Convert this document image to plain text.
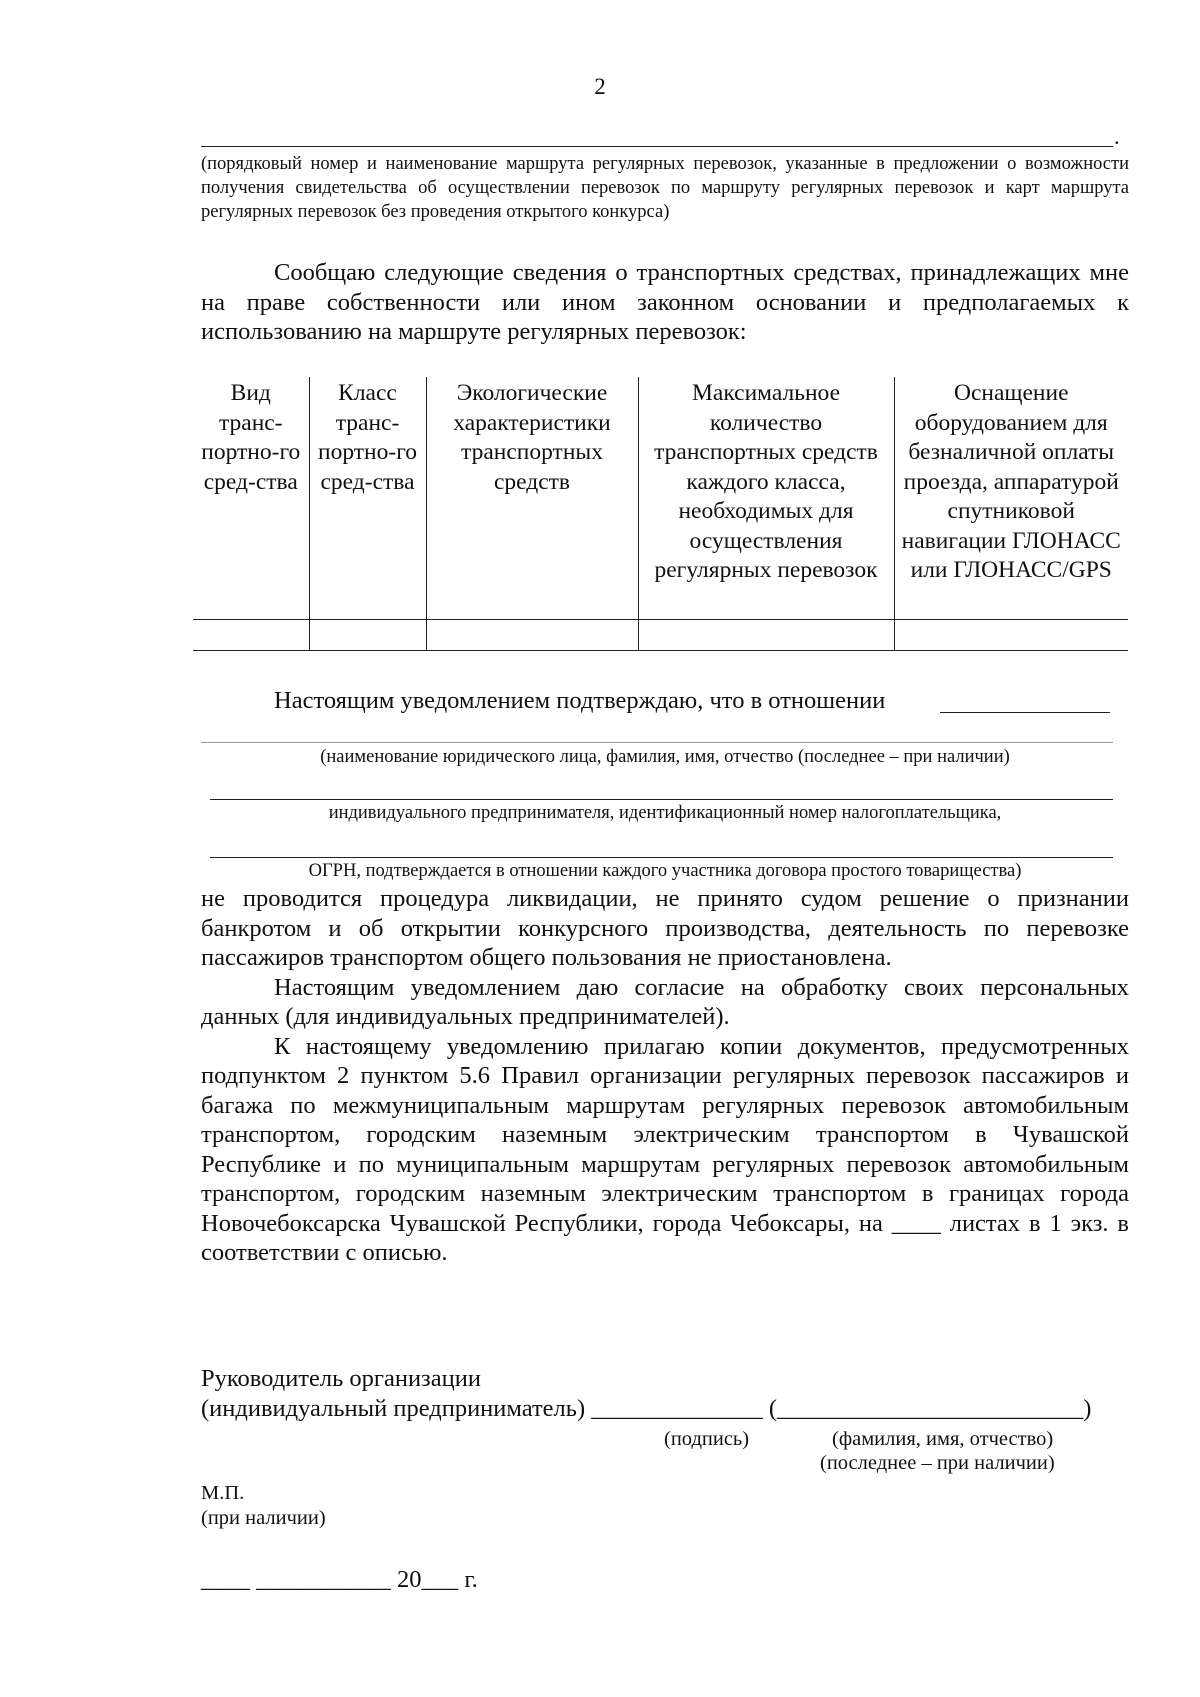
2
.
(порядковый номер и наименование маршрута регулярных перевозок, указанные в предложении о возможности получения свидетельства об осуществлении перевозок по маршруту регулярных перевозок и карт маршрута регулярных перевозок без проведения открытого конкурса)

Сообщаю следующие сведения о транспортных средствах, принадлежащих мне на праве собственности или ином законном основании и предполагаемых к использованию на маршруте регулярных перевозок:

Вид транс-портно-го сред-ства	Класс транс-портно-го сред-ства	Экологические характеристики транспортных средств	Максимальное количество транспортных средств каждого класса, необходимых для осуществления регулярных перевозок	Оснащение оборудованием для безналичной оплаты проезда, аппаратурой спутниковой навигации ГЛОНАСС или ГЛОНАСС/GPS

Настоящим уведомлением подтверждаю, что в отношении
(наименование юридического лица, фамилия, имя, отчество (последнее – при наличии)
индивидуального предпринимателя, идентификационный номер налогоплательщика,
ОГРН, подтверждается в отношении каждого участника договора простого товарищества)

не проводится процедура ликвидации, не принято судом решение о признании банкротом и об открытии конкурсного производства, деятельность по перевозке пассажиров транспортом общего пользования не приостановлена.

Настоящим уведомлением даю согласие на обработку своих персональных данных (для индивидуальных предпринимателей).

К настоящему уведомлению прилагаю копии документов, предусмотренных подпунктом 2 пунктом 5.6 Правил организации регулярных перевозок пассажиров и багажа по межмуниципальным маршрутам регулярных перевозок автомобильным транспортом, городским наземным электрическим транспортом в Чувашской Республике и по муниципальным маршрутам регулярных перевозок автомобильным транспортом, городским наземным электрическим транспортом в границах города Новочебоксарска Чувашской Республики, города Чебоксары, на ____ листах в 1 экз. в соответствии с описью.

Руководитель организации
(индивидуальный предприниматель) ______________ (_________________________)
(подпись)	(фамилия, имя, отчество)
(последнее – при наличии)
М.П.
(при наличии)
____ ___________ 20___ г.
